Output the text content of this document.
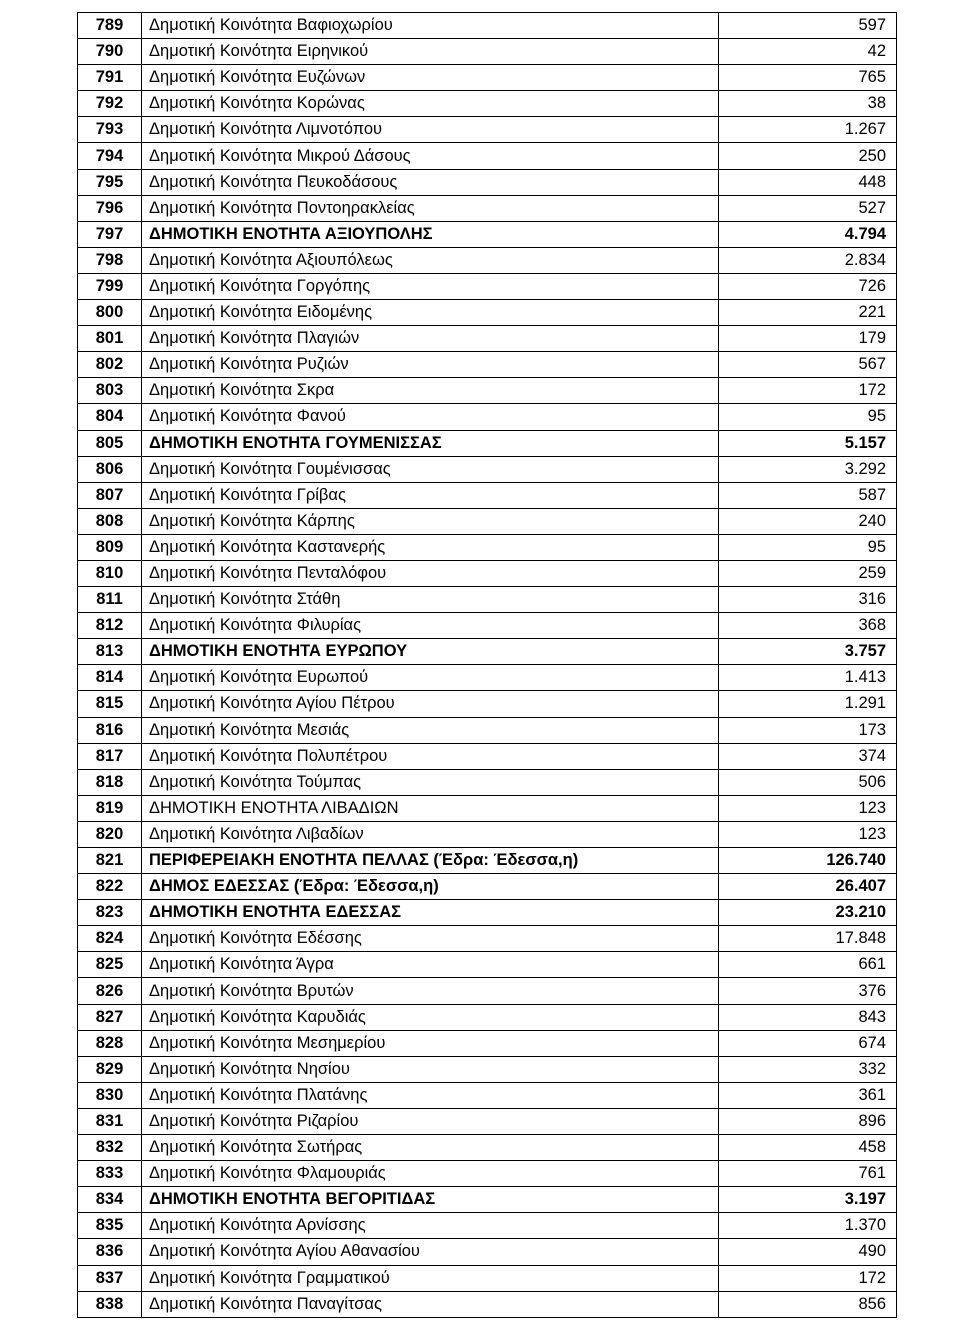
789	Δημοτική Κοινότητα Βαφιοχωρίου	597
790	Δημοτική Κοινότητα Ειρηνικού	42
791	Δημοτική Κοινότητα Ευζώνων	765
792	Δημοτική Κοινότητα Κορώνας	38
793	Δημοτική Κοινότητα Λιμνοτόπου	1.267
794	Δημοτική Κοινότητα Μικρού Δάσους	250
795	Δημοτική Κοινότητα Πευκοδάσους	448
796	Δημοτική Κοινότητα Ποντοηρακλείας	527
797	ΔΗΜΟΤΙΚΗ ΕΝΟΤΗΤΑ ΑΞΙΟΥΠΟΛΗΣ	4.794
798	Δημοτική Κοινότητα Αξιουπόλεως	2.834
799	Δημοτική Κοινότητα Γοργόπης	726
800	Δημοτική Κοινότητα Ειδομένης	221
801	Δημοτική Κοινότητα Πλαγιών	179
802	Δημοτική Κοινότητα Ρυζιών	567
803	Δημοτική Κοινότητα Σκρα	172
804	Δημοτική Κοινότητα Φανού	95
805	ΔΗΜΟΤΙΚΗ ΕΝΟΤΗΤΑ ΓΟΥΜΕΝΙΣΣΑΣ	5.157
806	Δημοτική Κοινότητα Γουμένισσας	3.292
807	Δημοτική Κοινότητα Γρίβας	587
808	Δημοτική Κοινότητα Κάρπης	240
809	Δημοτική Κοινότητα Καστανερής	95
810	Δημοτική Κοινότητα Πενταλόφου	259
811	Δημοτική Κοινότητα Στάθη	316
812	Δημοτική Κοινότητα Φιλυρίας	368
813	ΔΗΜΟΤΙΚΗ ΕΝΟΤΗΤΑ ΕΥΡΩΠΟΥ	3.757
814	Δημοτική Κοινότητα Ευρωπού	1.413
815	Δημοτική Κοινότητα Αγίου Πέτρου	1.291
816	Δημοτική Κοινότητα Μεσιάς	173
817	Δημοτική Κοινότητα Πολυπέτρου	374
818	Δημοτική Κοινότητα Τούμπας	506
819	ΔΗΜΟΤΙΚΗ ΕΝΟΤΗΤΑ ΛΙΒΑΔΙΩΝ	123
820	Δημοτική Κοινότητα Λιβαδίων	123
821	ΠΕΡΙΦΕΡΕΙΑΚΗ ΕΝΟΤΗΤΑ ΠΕΛΛΑΣ (Έδρα: Έδεσσα,η)	126.740
822	ΔΗΜΟΣ ΕΔΕΣΣΑΣ (Έδρα: Έδεσσα,η)	26.407
823	ΔΗΜΟΤΙΚΗ ΕΝΟΤΗΤΑ ΕΔΕΣΣΑΣ	23.210
824	Δημοτική Κοινότητα Εδέσσης	17.848
825	Δημοτική Κοινότητα Άγρα	661
826	Δημοτική Κοινότητα Βρυτών	376
827	Δημοτική Κοινότητα Καρυδιάς	843
828	Δημοτική Κοινότητα Μεσημερίου	674
829	Δημοτική Κοινότητα Νησίου	332
830	Δημοτική Κοινότητα Πλατάνης	361
831	Δημοτική Κοινότητα Ριζαρίου	896
832	Δημοτική Κοινότητα Σωτήρας	458
833	Δημοτική Κοινότητα Φλαμουριάς	761
834	ΔΗΜΟΤΙΚΗ ΕΝΟΤΗΤΑ ΒΕΓΟΡΙΤΙΔΑΣ	3.197
835	Δημοτική Κοινότητα Αρνίσσης	1.370
836	Δημοτική Κοινότητα Αγίου Αθανασίου	490
837	Δημοτική Κοινότητα Γραμματικού	172
838	Δημοτική Κοινότητα Παναγίτσας	856
